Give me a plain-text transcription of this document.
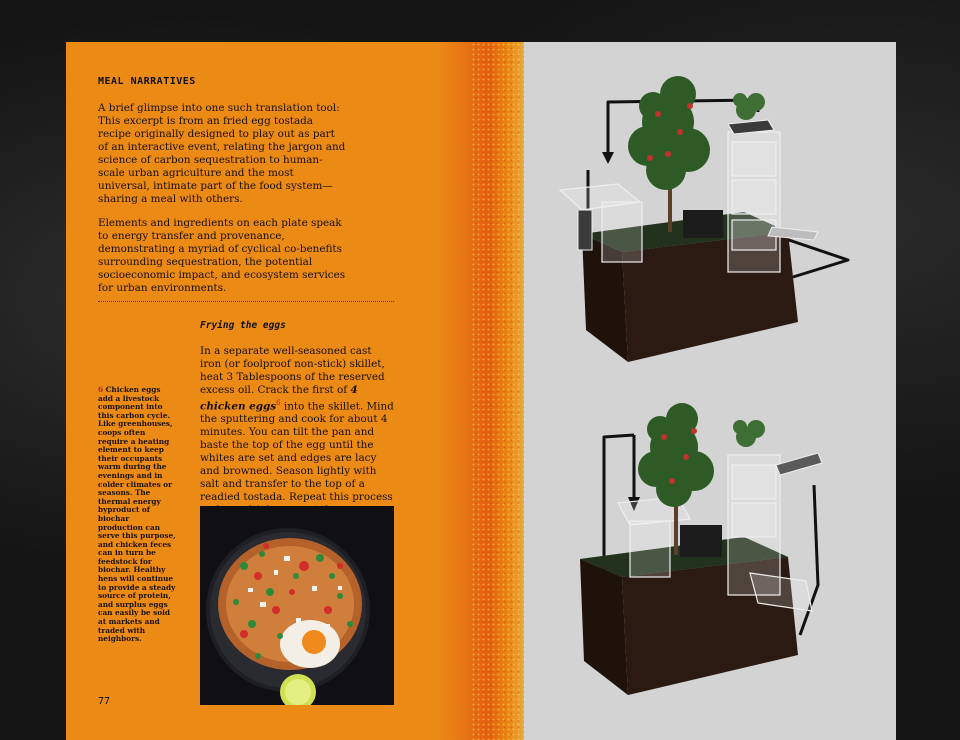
MEAL NARRATIVES

A brief glimpse into one such translation tool: This excerpt is from an fried egg tostada recipe originally designed to play out as part of an interactive event, relating the jargon and science of carbon sequestration to human-scale urban agriculture and the most universal, intimate part of the food system—sharing a meal with others.

Elements and ingredients on each plate speak to energy transfer and provenance, demonstrating a myriad of cyclical co-benefits surrounding sequestration, the potential socioeconomic impact, and ecosystem services for urban environments.

Frying the eggs

In a separate well-seasoned cast iron (or foolproof non-stick) skillet, heat 3 Tablespoons of the reserved excess oil. Crack the first of 4 chicken eggs$^6$ into the skillet. Mind the sputtering and cook for about 4 minutes. You can tilt the pan and baste the top of the egg until the whites are set and edges are lacy and browned. Season lightly with salt and transfer to the top of a readied tostada. Repeat this process

6 Chicken eggs add a livestock component into this carbon cycle. Like greenhouses, coops often require a heating element to keep their occupants warm during the evenings and in colder climates or seasons. The thermal energy byproduct of biochar production can serve this purpose, and chicken feces can in turn be feedstock for biochar. Healthy hens will continue to provide a steady source of protein, and surplus eggs can easily be sold at markets and traded with neighbors.
77
